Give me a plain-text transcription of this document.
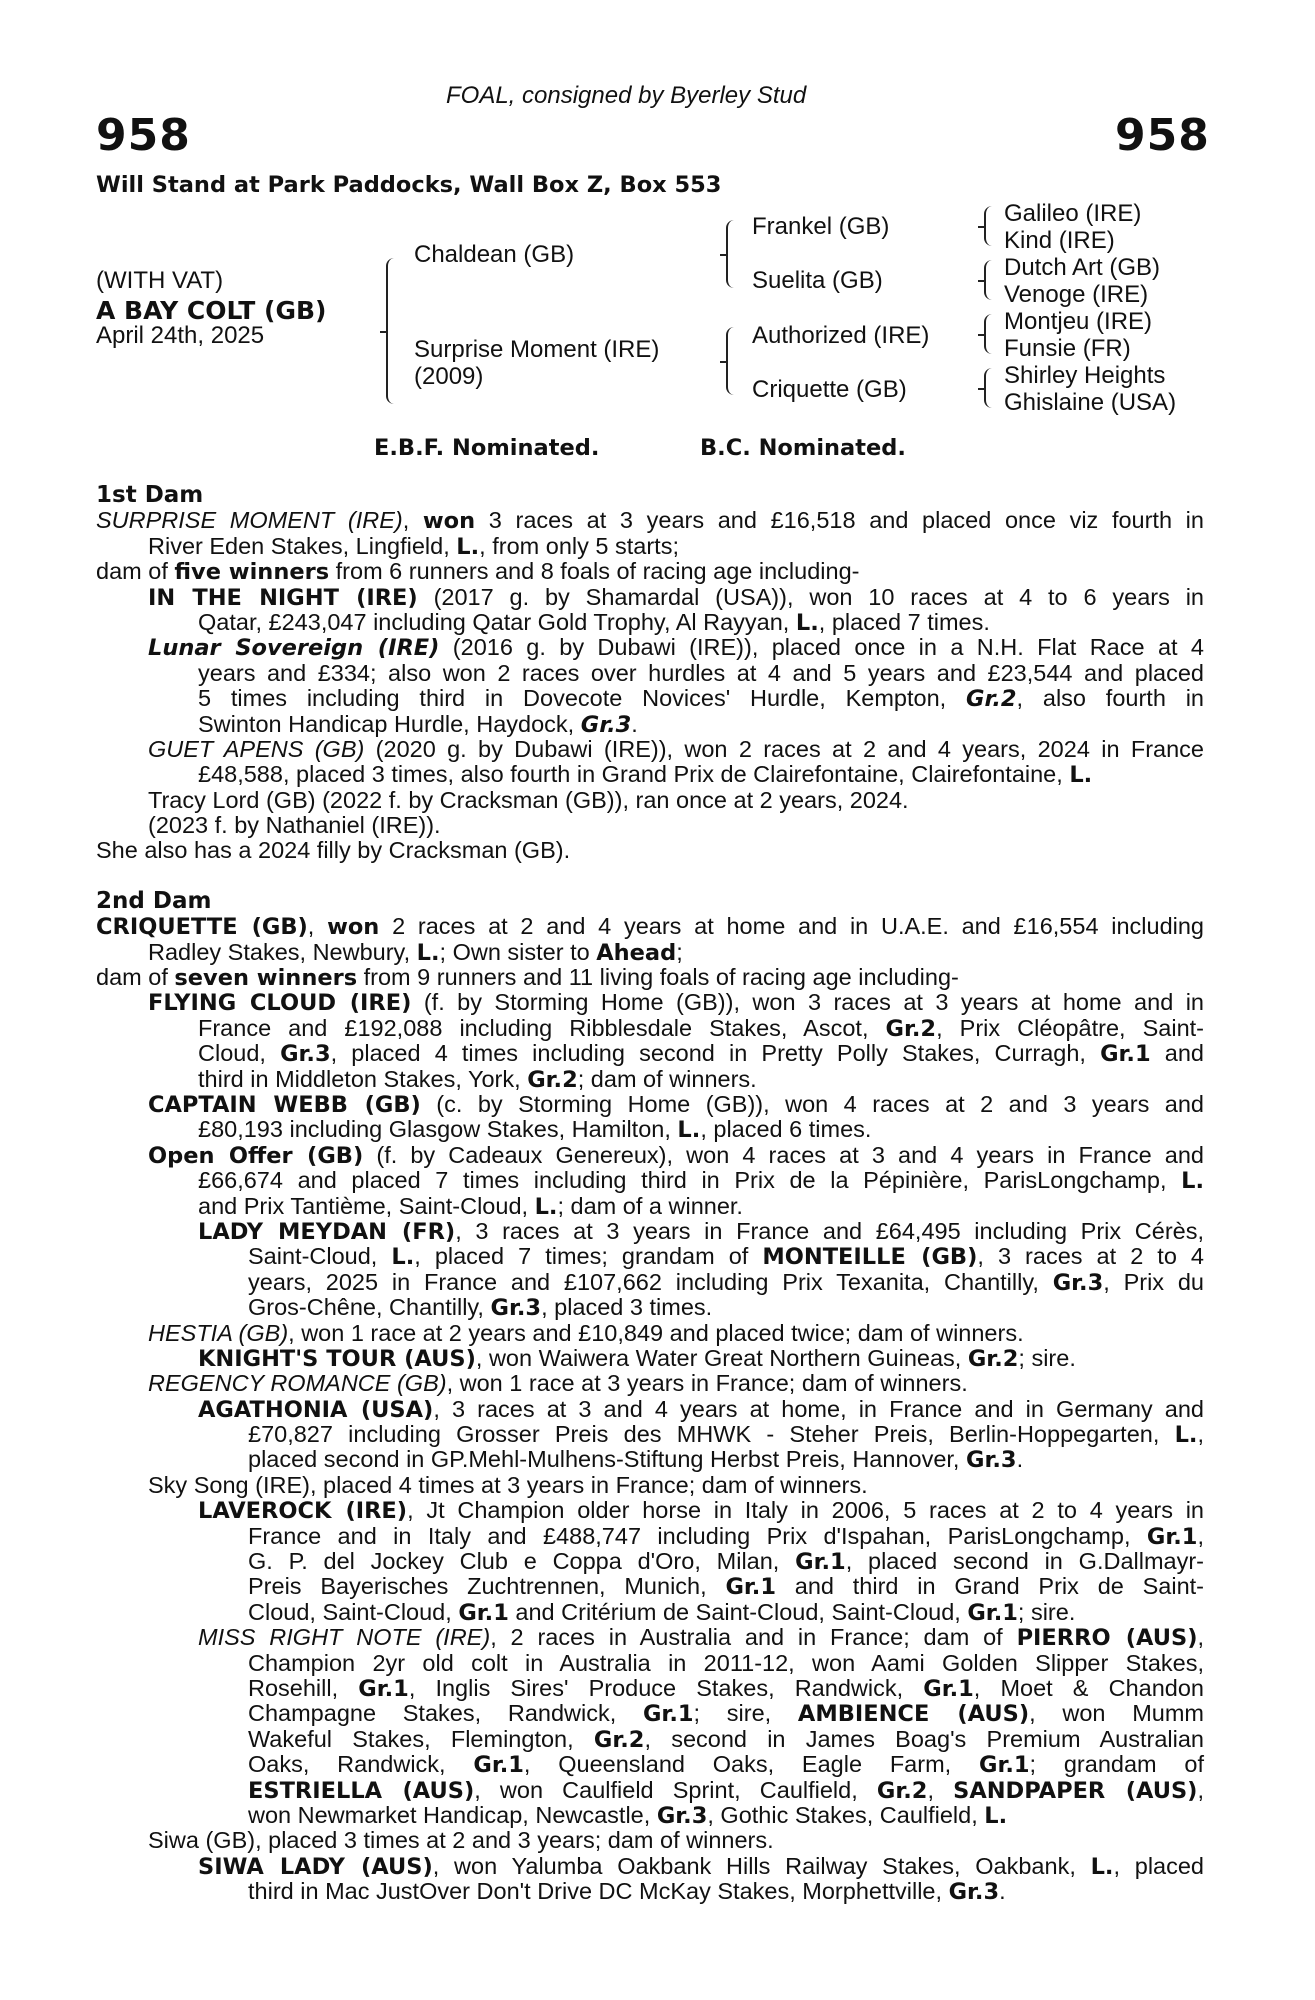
FOAL, consigned by Byerley Stud
958	958
Will Stand at Park Paddocks, Wall Box Z, Box 553
(WITH VAT)
A BAY COLT (GB)
April 24th, 2025
Chaldean (GB)
Surprise Moment (IRE)
(2009)
Frankel (GB)
Suelita (GB)
Authorized (IRE)
Criquette (GB)
Galileo (IRE)
Kind (IRE)
Dutch Art (GB)
Venoge (IRE)
Montjeu (IRE)
Funsie (FR)
Shirley Heights
Ghislaine (USA)
E.B.F. Nominated.	B.C. Nominated.
1st Dam
SURPRISE MOMENT (IRE), won 3 races at 3 years and £16,518 and placed once viz fourth in
River Eden Stakes, Lingfield, L., from only 5 starts;
dam of five winners from 6 runners and 8 foals of racing age including-
IN THE NIGHT (IRE) (2017 g. by Shamardal (USA)), won 10 races at 4 to 6 years in
Qatar, £243,047 including Qatar Gold Trophy, Al Rayyan, L., placed 7 times.
Lunar Sovereign (IRE) (2016 g. by Dubawi (IRE)), placed once in a N.H. Flat Race at 4
years and £334; also won 2 races over hurdles at 4 and 5 years and £23,544 and placed
5 times including third in Dovecote Novices' Hurdle, Kempton, Gr.2, also fourth in
Swinton Handicap Hurdle, Haydock, Gr.3.
GUET APENS (GB) (2020 g. by Dubawi (IRE)), won 2 races at 2 and 4 years, 2024 in France
£48,588, placed 3 times, also fourth in Grand Prix de Clairefontaine, Clairefontaine, L.
Tracy Lord (GB) (2022 f. by Cracksman (GB)), ran once at 2 years, 2024.
(2023 f. by Nathaniel (IRE)).
She also has a 2024 filly by Cracksman (GB).
2nd Dam
CRIQUETTE (GB), won 2 races at 2 and 4 years at home and in U.A.E. and £16,554 including
Radley Stakes, Newbury, L.; Own sister to Ahead;
dam of seven winners from 9 runners and 11 living foals of racing age including-
FLYING CLOUD (IRE) (f. by Storming Home (GB)), won 3 races at 3 years at home and in
France and £192,088 including Ribblesdale Stakes, Ascot, Gr.2, Prix Cléopâtre, Saint-
Cloud, Gr.3, placed 4 times including second in Pretty Polly Stakes, Curragh, Gr.1 and
third in Middleton Stakes, York, Gr.2; dam of winners.
CAPTAIN WEBB (GB) (c. by Storming Home (GB)), won 4 races at 2 and 3 years and
£80,193 including Glasgow Stakes, Hamilton, L., placed 6 times.
Open Offer (GB) (f. by Cadeaux Genereux), won 4 races at 3 and 4 years in France and
£66,674 and placed 7 times including third in Prix de la Pépinière, ParisLongchamp, L.
and Prix Tantième, Saint-Cloud, L.; dam of a winner.
LADY MEYDAN (FR), 3 races at 3 years in France and £64,495 including Prix Cérès,
Saint-Cloud, L., placed 7 times; grandam of MONTEILLE (GB), 3 races at 2 to 4
years, 2025 in France and £107,662 including Prix Texanita, Chantilly, Gr.3, Prix du
Gros-Chêne, Chantilly, Gr.3, placed 3 times.
HESTIA (GB), won 1 race at 2 years and £10,849 and placed twice; dam of winners.
KNIGHT'S TOUR (AUS), won Waiwera Water Great Northern Guineas, Gr.2; sire.
REGENCY ROMANCE (GB), won 1 race at 3 years in France; dam of winners.
AGATHONIA (USA), 3 races at 3 and 4 years at home, in France and in Germany and
£70,827 including Grosser Preis des MHWK - Steher Preis, Berlin-Hoppegarten, L.,
placed second in GP.Mehl-Mulhens-Stiftung Herbst Preis, Hannover, Gr.3.
Sky Song (IRE), placed 4 times at 3 years in France; dam of winners.
LAVEROCK (IRE), Jt Champion older horse in Italy in 2006, 5 races at 2 to 4 years in
France and in Italy and £488,747 including Prix d'Ispahan, ParisLongchamp, Gr.1,
G. P. del Jockey Club e Coppa d'Oro, Milan, Gr.1, placed second in G.Dallmayr-
Preis Bayerisches Zuchtrennen, Munich, Gr.1 and third in Grand Prix de Saint-
Cloud, Saint-Cloud, Gr.1 and Critérium de Saint-Cloud, Saint-Cloud, Gr.1; sire.
MISS RIGHT NOTE (IRE), 2 races in Australia and in France; dam of PIERRO (AUS),
Champion 2yr old colt in Australia in 2011-12, won Aami Golden Slipper Stakes,
Rosehill, Gr.1, Inglis Sires' Produce Stakes, Randwick, Gr.1, Moet & Chandon
Champagne Stakes, Randwick, Gr.1; sire, AMBIENCE (AUS), won Mumm
Wakeful Stakes, Flemington, Gr.2, second in James Boag's Premium Australian
Oaks, Randwick, Gr.1, Queensland Oaks, Eagle Farm, Gr.1; grandam of
ESTRIELLA (AUS), won Caulfield Sprint, Caulfield, Gr.2, SANDPAPER (AUS),
won Newmarket Handicap, Newcastle, Gr.3, Gothic Stakes, Caulfield, L.
Siwa (GB), placed 3 times at 2 and 3 years; dam of winners.
SIWA LADY (AUS), won Yalumba Oakbank Hills Railway Stakes, Oakbank, L., placed
third in Mac JustOver Don't Drive DC McKay Stakes, Morphettville, Gr.3.
